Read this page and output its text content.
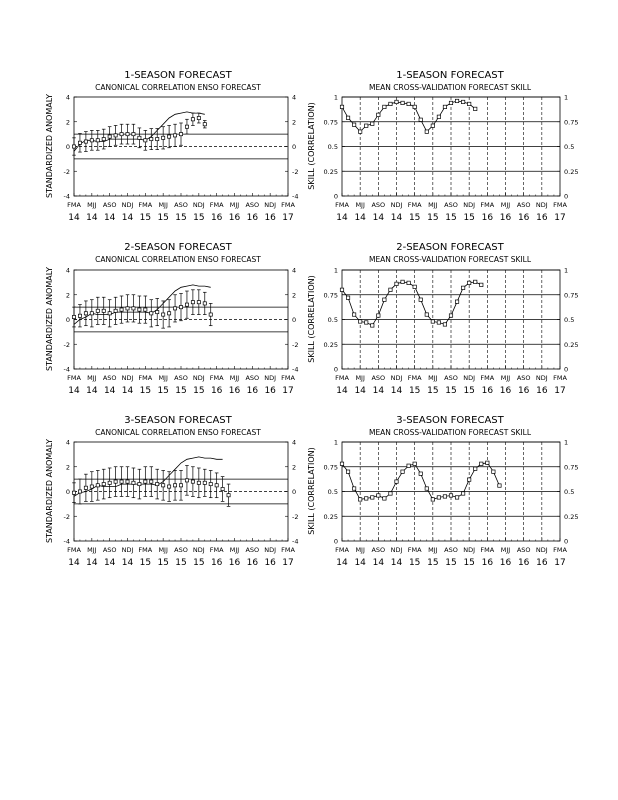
1-SEASON FORECAST
CANONICAL CORRELATION ENSO FORECAST
1-SEASON FORECAST
MEAN CROSS-VALIDATION FORECAST SKILL
2-SEASON FORECAST
CANONICAL CORRELATION ENSO FORECAST
2-SEASON FORECAST
MEAN CROSS-VALIDATION FORECAST SKILL
3-SEASON FORECAST
CANONICAL CORRELATION ENSO FORECAST
3-SEASON FORECAST
MEAN CROSS-VALIDATION FORECAST SKILL
STANDARDIZED ANOMALY	SKILL (CORRELATION)
STANDARDIZED ANOMALY	SKILL (CORRELATION)
STANDARDIZED ANOMALY	SKILL (CORRELATION)
FMA
14
MJJ
14
ASO
14
NDJ
14
FMA
15
MJJ
15
ASO
15
NDJ
15
FMA
16
MJJ
16
ASO
16
NDJ
16
FMA
17
-4	-4
-2	-2
0	0
2	2
4	4
FMA
14
MJJ
14
ASO
14
NDJ
14
FMA
15
MJJ
15
ASO
15
NDJ
15
FMA
16
MJJ
16
ASO
16
NDJ
16
FMA
17
0	0
0.25	0.25
0.5	0.5
0.75	0.75
1	1
FMA
14
MJJ
14
ASO
14
NDJ
14
FMA
15
MJJ
15
ASO
15
NDJ
15
FMA
16
MJJ
16
ASO
16
NDJ
16
FMA
17
-4	-4
-2	-2
0	0
2	2
4	4
FMA
14
MJJ
14
ASO
14
NDJ
14
FMA
15
MJJ
15
ASO
15
NDJ
15
FMA
16
MJJ
16
ASO
16
NDJ
16
FMA
17
0	0
0.25	0.25
0.5	0.5
0.75	0.75
1	1
FMA
14
MJJ
14
ASO
14
NDJ
14
FMA
15
MJJ
15
ASO
15
NDJ
15
FMA
16
MJJ
16
ASO
16
NDJ
16
FMA
17
-4	-4
-2	-2
0	0
2	2
4	4
FMA
14
MJJ
14
ASO
14
NDJ
14
FMA
15
MJJ
15
ASO
15
NDJ
15
FMA
16
MJJ
16
ASO
16
NDJ
16
FMA
17
0	0
0.25	0.25
0.5	0.5
0.75	0.75
1	1
